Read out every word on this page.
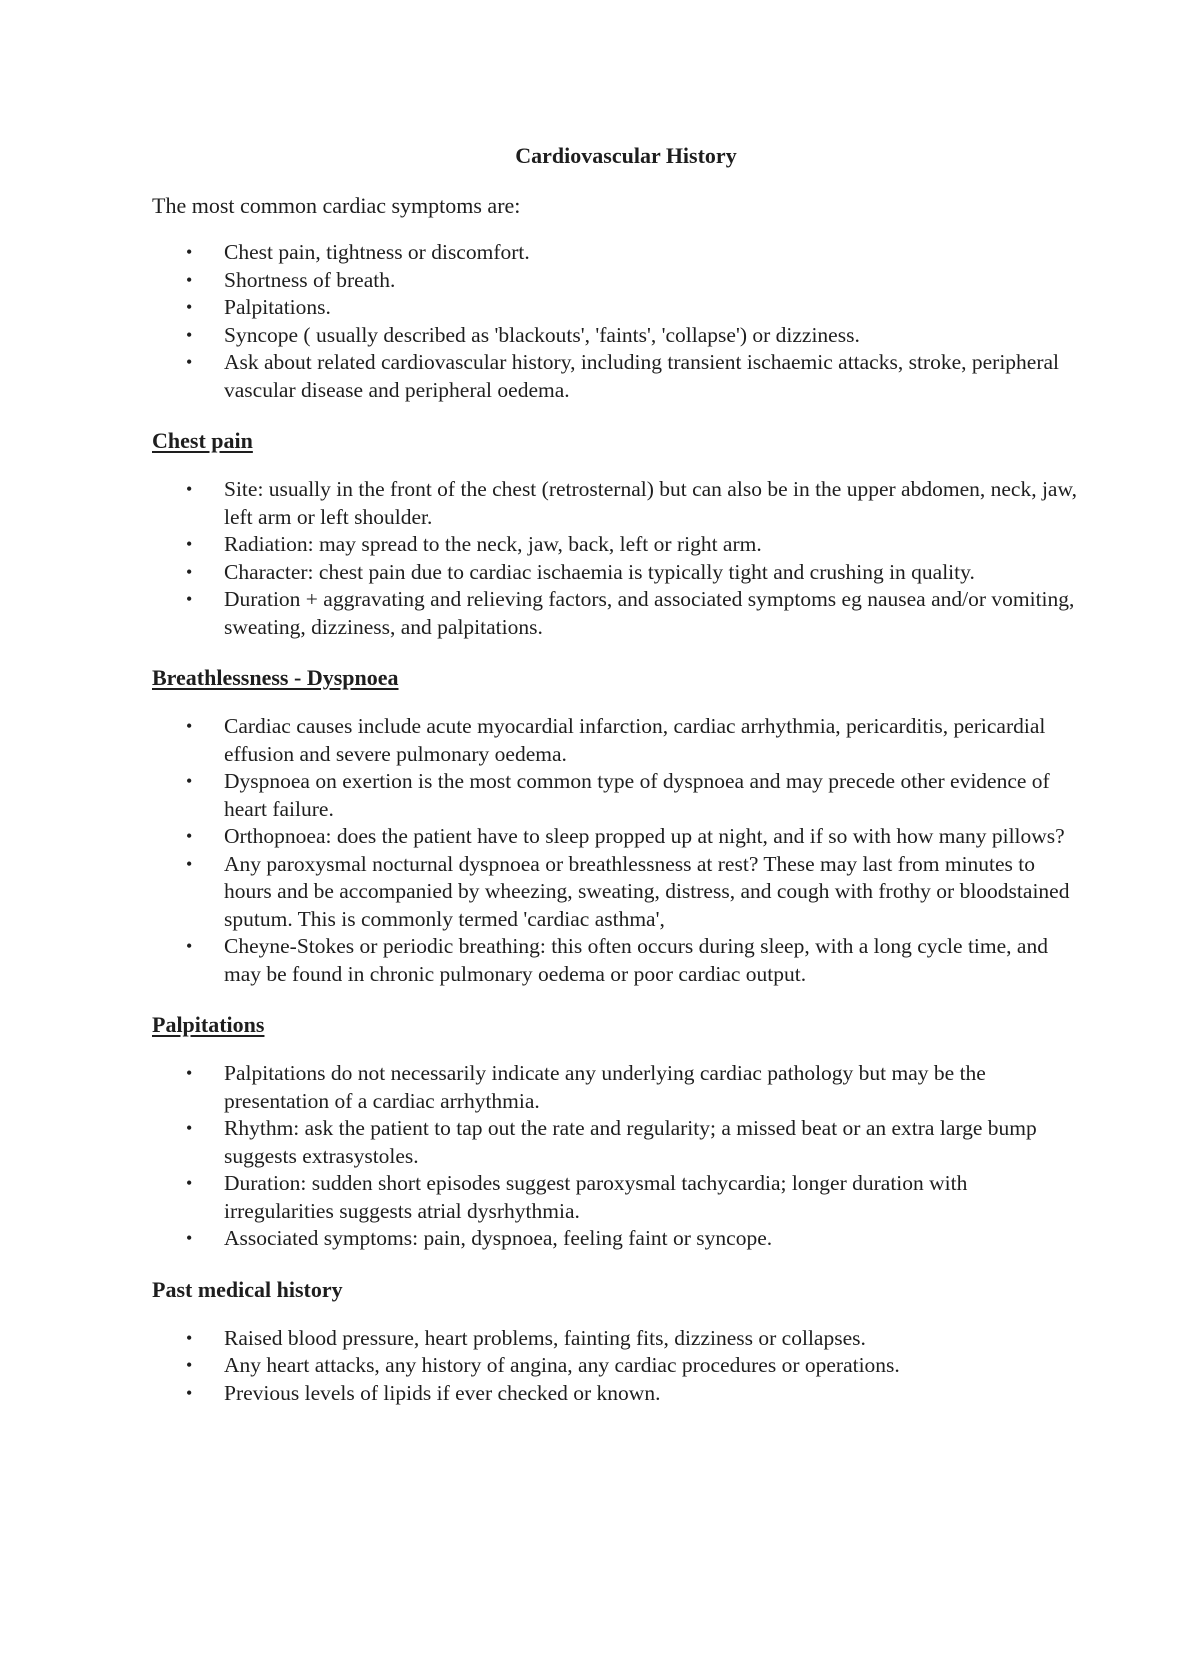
Cardiovascular History

The most common cardiac symptoms are:

• Chest pain, tightness or discomfort.
• Shortness of breath.
• Palpitations.
• Syncope ( usually described as 'blackouts', 'faints', 'collapse') or dizziness.
• Ask about related cardiovascular history, including transient ischaemic attacks, stroke, peripheral vascular disease and peripheral oedema.
Chest pain
• Site: usually in the front of the chest (retrosternal) but can also be in the upper abdomen, neck, jaw, left arm or left shoulder.
• Radiation: may spread to the neck, jaw, back, left or right arm.
• Character: chest pain due to cardiac ischaemia is typically tight and crushing in quality.
• Duration + aggravating and relieving factors, and associated symptoms eg nausea and/or vomiting, sweating, dizziness, and palpitations.
Breathlessness - Dyspnoea
• Cardiac causes include acute myocardial infarction, cardiac arrhythmia, pericarditis, pericardial effusion and severe pulmonary oedema.
• Dyspnoea on exertion is the most common type of dyspnoea and may precede other evidence of heart failure.
• Orthopnoea: does the patient have to sleep propped up at night, and if so with how many pillows?
• Any paroxysmal nocturnal dyspnoea or breathlessness at rest? These may last from minutes to hours and be accompanied by wheezing, sweating, distress, and cough with frothy or bloodstained sputum. This is commonly termed 'cardiac asthma',
• Cheyne-Stokes or periodic breathing: this often occurs during sleep, with a long cycle time, and may be found in chronic pulmonary oedema or poor cardiac output.
Palpitations
• Palpitations do not necessarily indicate any underlying cardiac pathology but may be the presentation of a cardiac arrhythmia.
• Rhythm: ask the patient to tap out the rate and regularity; a missed beat or an extra large bump suggests extrasystoles.
• Duration: sudden short episodes suggest paroxysmal tachycardia; longer duration with irregularities suggests atrial dysrhythmia.
• Associated symptoms: pain, dyspnoea, feeling faint or syncope.
Past medical history
• Raised blood pressure, heart problems, fainting fits, dizziness or collapses.
• Any heart attacks, any history of angina, any cardiac procedures or operations.
• Previous levels of lipids if ever checked or known.
